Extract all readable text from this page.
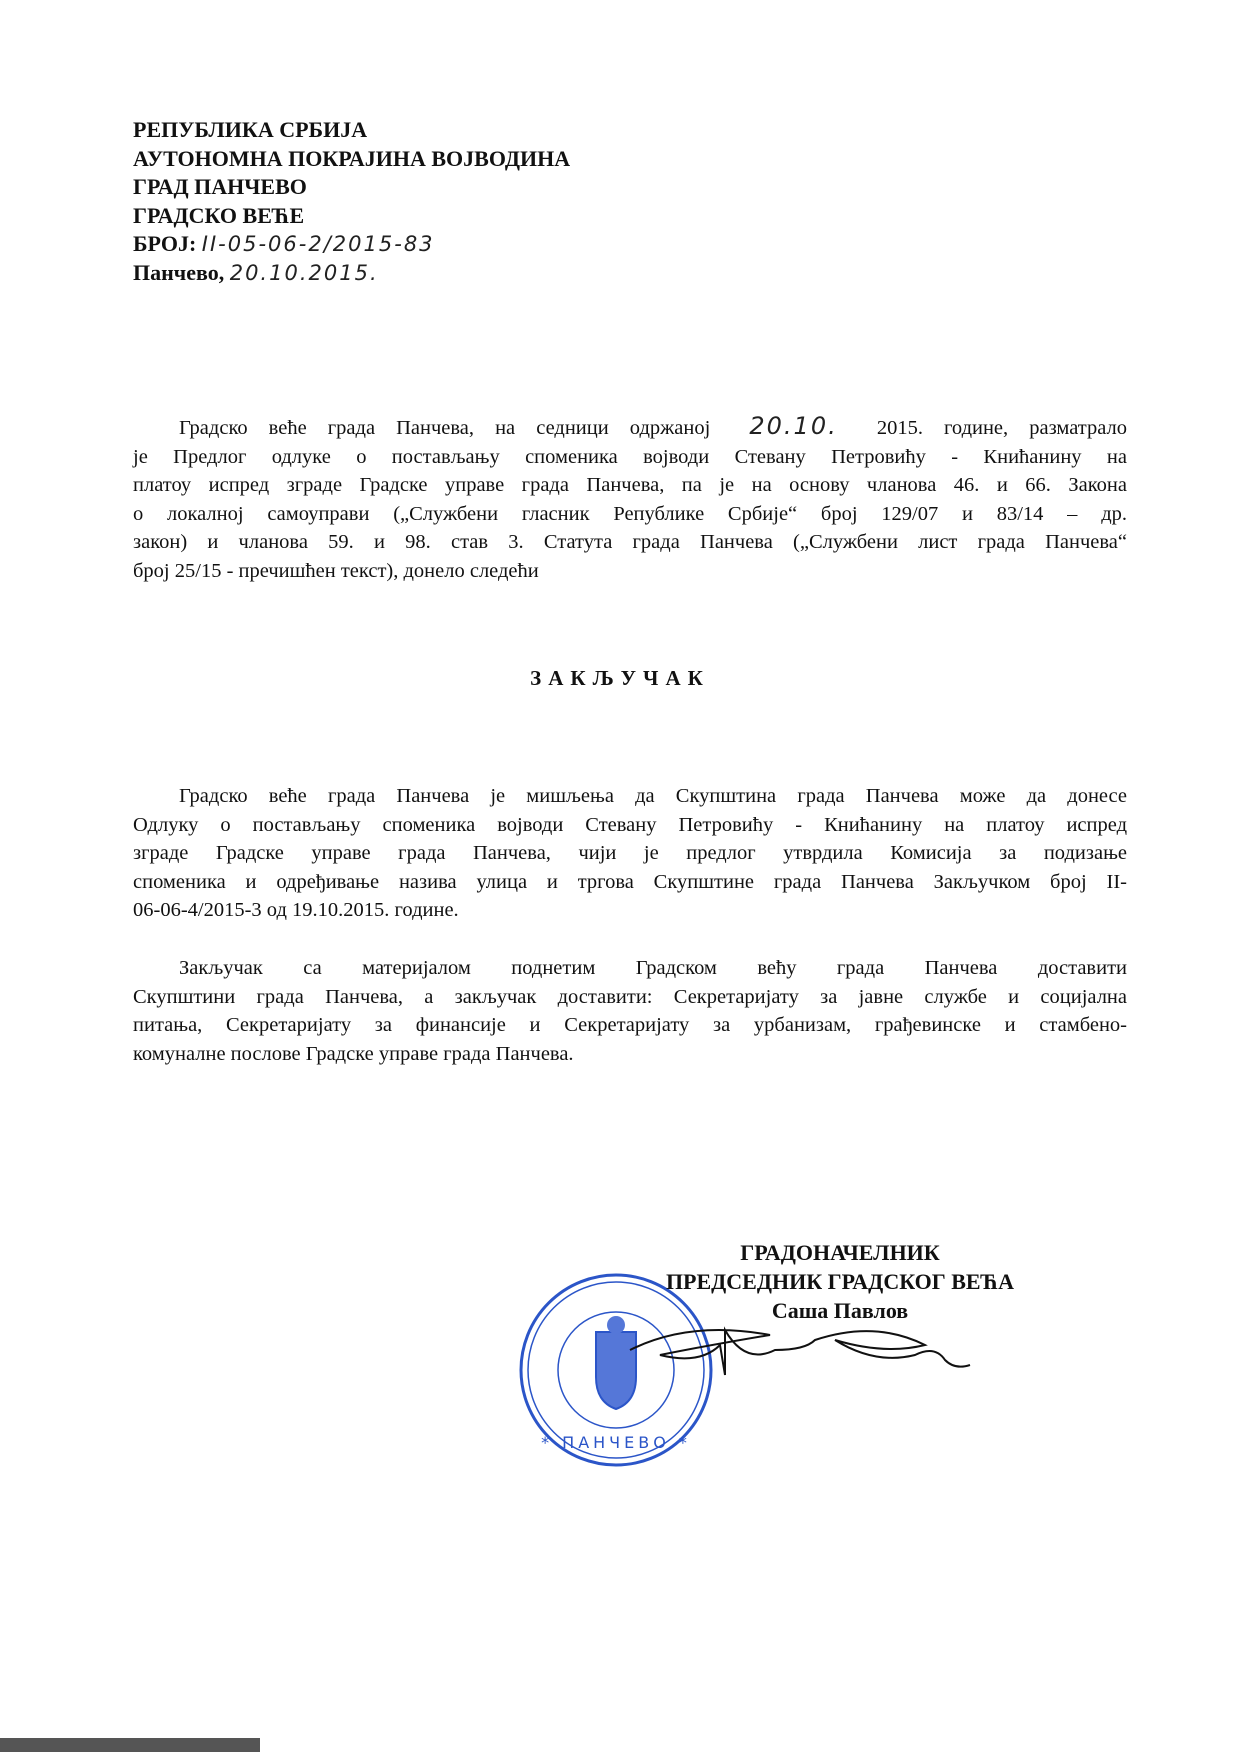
РЕПУБЛИКА СРБИЈА
АУТОНОМНА ПОКРАЈИНА ВОЈВОДИНА
ГРАД ПАНЧЕВО
ГРАДСКО ВЕЋЕ
БРОЈ: II-05-06-2/2015-83
Панчево, 20.10.2015.
Градско веће града Панчева, на седници одржаној 20.10. 2015. године, разматрало
је Предлог одлуке о постављању споменика војводи Стевану Петровићу - Книћанину на
платоу испред зграде Градске управе града Панчева, па је на основу чланова 46. и 66. Закона
о локалној самоуправи („Службени гласник Републике Србије“ број 129/07 и 83/14 – др.
закон) и чланова 59. и 98. став 3. Статута града Панчева („Службени лист града Панчева“
број 25/15 - пречишћен текст), донело следећи
ЗАКЉУЧАК
Градско веће града Панчева је мишљења да Скупштина града Панчева може да донесе
Одлуку о постављању споменика војводи Стевану Петровићу - Книћанину на платоу испред
зграде Градске управе града Панчева, чији је предлог утврдила Комисија за подизање
споменика и одређивање назива улица и тргова Скупштине града Панчева Закључком број II-
06-06-4/2015-3 од 19.10.2015. године.
Закључак са материјалом поднетим Градском већу града Панчева доставити
Скупштини града Панчева, а закључак доставити: Секретаријату за јавне службе и социјална
питања, Секретаријату за финансије и Секретаријату за урбанизам, грађевинске и стамбено-
комуналне послове Градске управе града Панчева.
* ПАНЧЕВО *
ГРАДОНАЧЕЛНИК
ПРЕДСЕДНИК ГРАДСКОГ ВЕЋА
Саша Павлов
